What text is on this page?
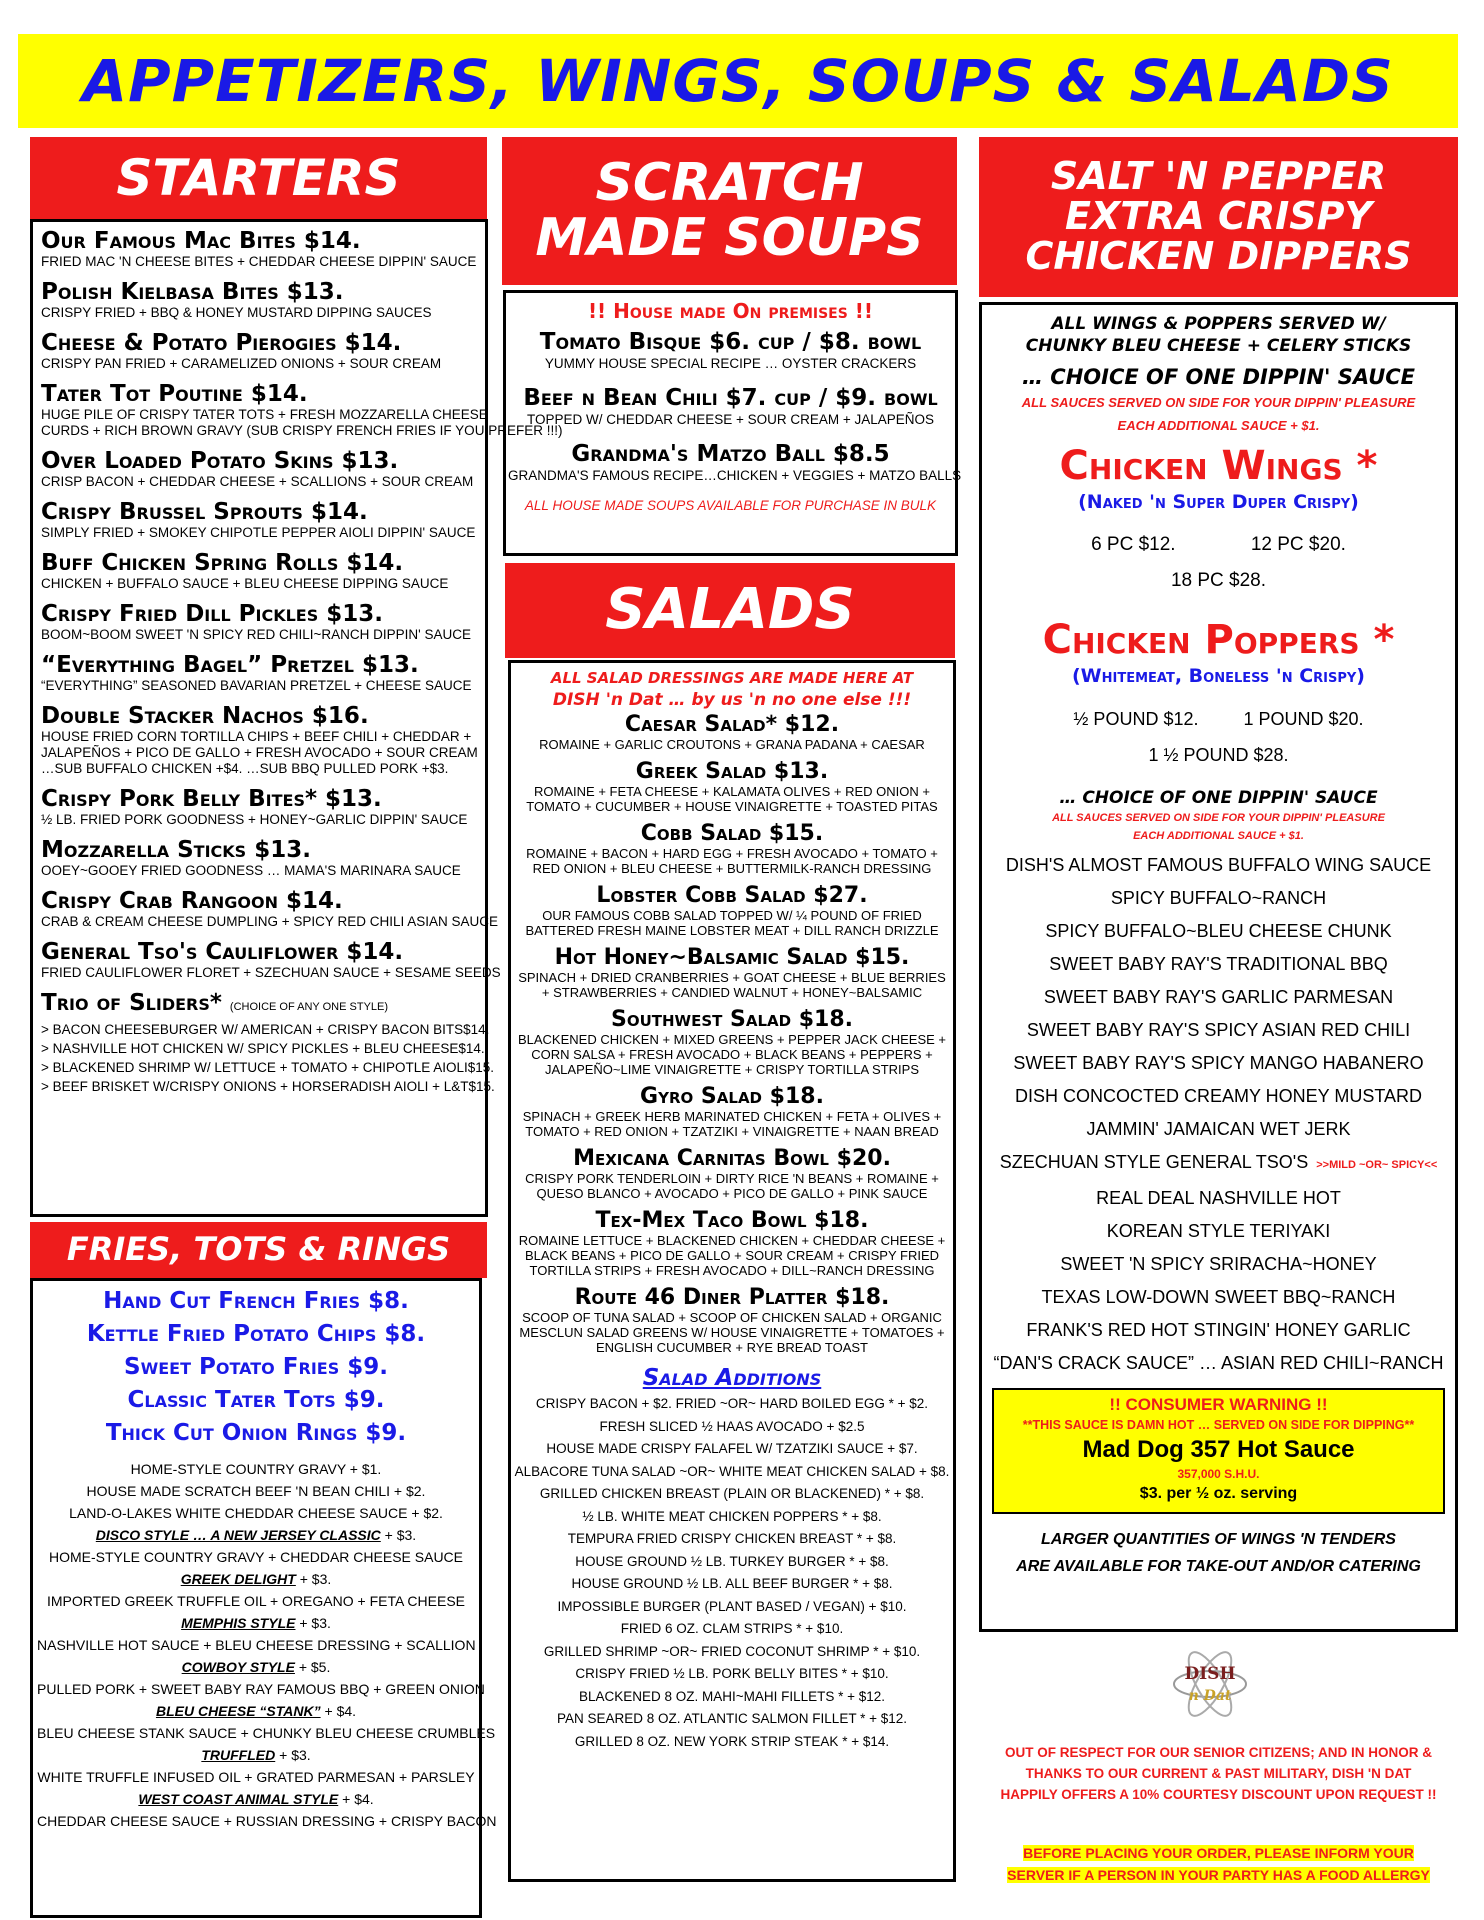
APPETIZERS, WINGS, SOUPS & SALADS
STARTERS
Our Famous Mac Bites $14.
FRIED MAC 'N CHEESE BITES + CHEDDAR CHEESE DIPPIN' SAUCE
Polish Kielbasa Bites $13.
CRISPY FRIED + BBQ & HONEY MUSTARD DIPPING SAUCES
Cheese & Potato Pierogies $14.
CRISPY PAN FRIED + CARAMELIZED ONIONS + SOUR CREAM
Tater Tot Poutine $14.
HUGE PILE OF CRISPY TATER TOTS + FRESH MOZZARELLA CHEESE
CURDS + RICH BROWN GRAVY (SUB CRISPY FRENCH FRIES IF YOU PREFER !!!)
Over Loaded Potato Skins $13.
CRISP BACON + CHEDDAR CHEESE + SCALLIONS + SOUR CREAM
Crispy Brussel Sprouts $14.
SIMPLY FRIED + SMOKEY CHIPOTLE PEPPER AIOLI DIPPIN' SAUCE
Buff Chicken Spring Rolls $14.
CHICKEN + BUFFALO SAUCE + BLEU CHEESE DIPPING SAUCE
Crispy Fried Dill Pickles $13.
BOOM~BOOM SWEET 'N SPICY RED CHILI~RANCH DIPPIN' SAUCE
“Everything Bagel” Pretzel $13.
“EVERYTHING” SEASONED BAVARIAN PRETZEL + CHEESE SAUCE
Double Stacker Nachos $16.
HOUSE FRIED CORN TORTILLA CHIPS + BEEF CHILI + CHEDDAR +
JALAPEÑOS + PICO DE GALLO + FRESH AVOCADO + SOUR CREAM
…SUB BUFFALO CHICKEN +$4. …SUB BBQ PULLED PORK +$3.
Crispy Pork Belly Bites* $13.
½ LB. FRIED PORK GOODNESS + HONEY~GARLIC DIPPIN' SAUCE
Mozzarella Sticks $13.
OOEY~GOOEY FRIED GOODNESS … MAMA'S MARINARA SAUCE
Crispy Crab Rangoon $14.
CRAB & CREAM CHEESE DUMPLING + SPICY RED CHILI ASIAN SAUCE
General Tso's Cauliflower $14.
FRIED CAULIFLOWER FLORET + SZECHUAN SAUCE + SESAME SEEDS
Trio of Sliders* (CHOICE OF ANY ONE STYLE)
> BACON CHEESEBURGER W/ AMERICAN + CRISPY BACON BITS $14.
> NASHVILLE HOT CHICKEN W/ SPICY PICKLES + BLEU CHEESE $14.
> BLACKENED SHRIMP W/ LETTUCE + TOMATO + CHIPOTLE AIOLI $15.
> BEEF BRISKET W/CRISPY ONIONS + HORSERADISH AIOLI + L&T $15.
FRIES, TOTS & RINGS
Hand Cut French Fries $8.
Kettle Fried Potato Chips $8.
Sweet Potato Fries $9.
Classic Tater Tots $9.
Thick Cut Onion Rings $9.
HOME-STYLE COUNTRY GRAVY + $1.
HOUSE MADE SCRATCH BEEF 'N BEAN CHILI + $2.
LAND-O-LAKES WHITE CHEDDAR CHEESE SAUCE + $2.
DISCO STYLE … A NEW JERSEY CLASSIC + $3.
HOME-STYLE COUNTRY GRAVY + CHEDDAR CHEESE SAUCE
GREEK DELIGHT + $3.
IMPORTED GREEK TRUFFLE OIL + OREGANO + FETA CHEESE
MEMPHIS STYLE + $3.
NASHVILLE HOT SAUCE + BLEU CHEESE DRESSING + SCALLION
COWBOY STYLE + $5.
PULLED PORK + SWEET BABY RAY FAMOUS BBQ + GREEN ONION
BLEU CHEESE “STANK” + $4.
BLEU CHEESE STANK SAUCE + CHUNKY BLEU CHEESE CRUMBLES
TRUFFLED + $3.
WHITE TRUFFLE INFUSED OIL + GRATED PARMESAN + PARSLEY
WEST COAST ANIMAL STYLE + $4.
CHEDDAR CHEESE SAUCE + RUSSIAN DRESSING + CRISPY BACON
SCRATCH
MADE SOUPS
!! House made On premises !!
Tomato Bisque $6. cup / $8. bowl
YUMMY HOUSE SPECIAL RECIPE … OYSTER CRACKERS
Beef n Bean Chili $7. cup / $9. bowl
TOPPED W/ CHEDDAR CHEESE + SOUR CREAM + JALAPEÑOS
Grandma's Matzo Ball $8.5
GRANDMA'S FAMOUS RECIPE…CHICKEN + VEGGIES + MATZO BALLS
ALL HOUSE MADE SOUPS AVAILABLE FOR PURCHASE IN BULK
SALADS
ALL SALAD DRESSINGS ARE MADE HERE AT
DISH 'n Dat … by us 'n no one else !!!
Caesar Salad* $12.
ROMAINE + GARLIC CROUTONS + GRANA PADANA + CAESAR
Greek Salad $13.
ROMAINE + FETA CHEESE + KALAMATA OLIVES + RED ONION +
TOMATO + CUCUMBER + HOUSE VINAIGRETTE + TOASTED PITAS
Cobb Salad $15.
ROMAINE + BACON + HARD EGG + FRESH AVOCADO + TOMATO +
RED ONION + BLEU CHEESE + BUTTERMILK-RANCH DRESSING
Lobster Cobb Salad $27.
OUR FAMOUS COBB SALAD TOPPED W/ ¼ POUND OF FRIED
BATTERED FRESH MAINE LOBSTER MEAT + DILL RANCH DRIZZLE
Hot Honey~Balsamic Salad $15.
SPINACH + DRIED CRANBERRIES + GOAT CHEESE + BLUE BERRIES
+ STRAWBERRIES + CANDIED WALNUT + HONEY~BALSAMIC
Southwest Salad $18.
BLACKENED CHICKEN + MIXED GREENS + PEPPER JACK CHEESE +
CORN SALSA + FRESH AVOCADO + BLACK BEANS + PEPPERS +
JALAPEÑO~LIME VINAIGRETTE + CRISPY TORTILLA STRIPS
Gyro Salad $18.
SPINACH + GREEK HERB MARINATED CHICKEN + FETA + OLIVES +
TOMATO + RED ONION + TZATZIKI + VINAIGRETTE + NAAN BREAD
Mexicana Carnitas Bowl $20.
CRISPY PORK TENDERLOIN + DIRTY RICE 'N BEANS + ROMAINE +
QUESO BLANCO + AVOCADO + PICO DE GALLO + PINK SAUCE
Tex-Mex Taco Bowl $18.
ROMAINE LETTUCE + BLACKENED CHICKEN + CHEDDAR CHEESE +
BLACK BEANS + PICO DE GALLO + SOUR CREAM + CRISPY FRIED
TORTILLA STRIPS + FRESH AVOCADO + DILL~RANCH DRESSING
Route 46 Diner Platter $18.
SCOOP OF TUNA SALAD + SCOOP OF CHICKEN SALAD + ORGANIC
MESCLUN SALAD GREENS W/ HOUSE VINAIGRETTE + TOMATOES +
ENGLISH CUCUMBER + RYE BREAD TOAST
Salad Additions
CRISPY BACON + $2. FRIED ~OR~ HARD BOILED EGG * + $2.
FRESH SLICED ½ HAAS AVOCADO + $2.5
HOUSE MADE CRISPY FALAFEL W/ TZATZIKI SAUCE + $7.
ALBACORE TUNA SALAD ~OR~ WHITE MEAT CHICKEN SALAD + $8.
GRILLED CHICKEN BREAST (PLAIN OR BLACKENED) * + $8.
½ LB. WHITE MEAT CHICKEN POPPERS * + $8.
TEMPURA FRIED CRISPY CHICKEN BREAST * + $8.
HOUSE GROUND ½ LB. TURKEY BURGER * + $8.
HOUSE GROUND ½ LB. ALL BEEF BURGER * + $8.
IMPOSSIBLE BURGER (PLANT BASED / VEGAN) + $10.
FRIED 6 OZ. CLAM STRIPS * + $10.
GRILLED SHRIMP ~OR~ FRIED COCONUT SHRIMP * + $10.
CRISPY FRIED ½ LB. PORK BELLY BITES * + $10.
BLACKENED 8 OZ. MAHI~MAHI FILLETS * + $12.
PAN SEARED 8 OZ. ATLANTIC SALMON FILLET * + $12.
GRILLED 8 OZ. NEW YORK STRIP STEAK * + $14.
SALT 'N PEPPER
EXTRA CRISPY
CHICKEN DIPPERS
ALL WINGS & POPPERS SERVED W/
CHUNKY BLEU CHEESE + CELERY STICKS
… CHOICE OF ONE DIPPIN' SAUCE
ALL SAUCES SERVED ON SIDE FOR YOUR DIPPIN' PLEASURE
EACH ADDITIONAL SAUCE + $1.
Chicken Wings *
(Naked 'n Super Duper Crispy)
6 PC $12.	12 PC $20.
18 PC $28.
Chicken Poppers *
(Whitemeat, Boneless 'n Crispy)
½ POUND $12.	1 POUND $20.
1 ½ POUND $28.
… CHOICE OF ONE DIPPIN' SAUCE
ALL SAUCES SERVED ON SIDE FOR YOUR DIPPIN' PLEASURE
EACH ADDITIONAL SAUCE + $1.
DISH'S ALMOST FAMOUS BUFFALO WING SAUCE
SPICY BUFFALO~RANCH
SPICY BUFFALO~BLEU CHEESE CHUNK
SWEET BABY RAY'S TRADITIONAL BBQ
SWEET BABY RAY'S GARLIC PARMESAN
SWEET BABY RAY'S SPICY ASIAN RED CHILI
SWEET BABY RAY'S SPICY MANGO HABANERO
DISH CONCOCTED CREAMY HONEY MUSTARD
JAMMIN' JAMAICAN WET JERK
SZECHUAN STYLE GENERAL TSO'S >>MILD ~OR~ SPICY<<
REAL DEAL NASHVILLE HOT
KOREAN STYLE TERIYAKI
SWEET 'N SPICY SRIRACHA~HONEY
TEXAS LOW-DOWN SWEET BBQ~RANCH
FRANK'S RED HOT STINGIN' HONEY GARLIC
“DAN'S CRACK SAUCE” … ASIAN RED CHILI~RANCH
!! CONSUMER WARNING !!
**THIS SAUCE IS DAMN HOT … SERVED ON SIDE FOR DIPPING**
Mad Dog 357 Hot Sauce
357,000 S.H.U.
$3. per ½ oz. serving
LARGER QUANTITIES OF WINGS 'N TENDERS
ARE AVAILABLE FOR TAKE-OUT AND/OR CATERING
DISH
n Dat
OUT OF RESPECT FOR OUR SENIOR CITIZENS; AND IN HONOR &
THANKS TO OUR CURRENT & PAST MILITARY, DISH 'N DAT
HAPPILY OFFERS A 10% COURTESY DISCOUNT UPON REQUEST !!
BEFORE PLACING YOUR ORDER, PLEASE INFORM YOUR
SERVER IF A PERSON IN YOUR PARTY HAS A FOOD ALLERGY
